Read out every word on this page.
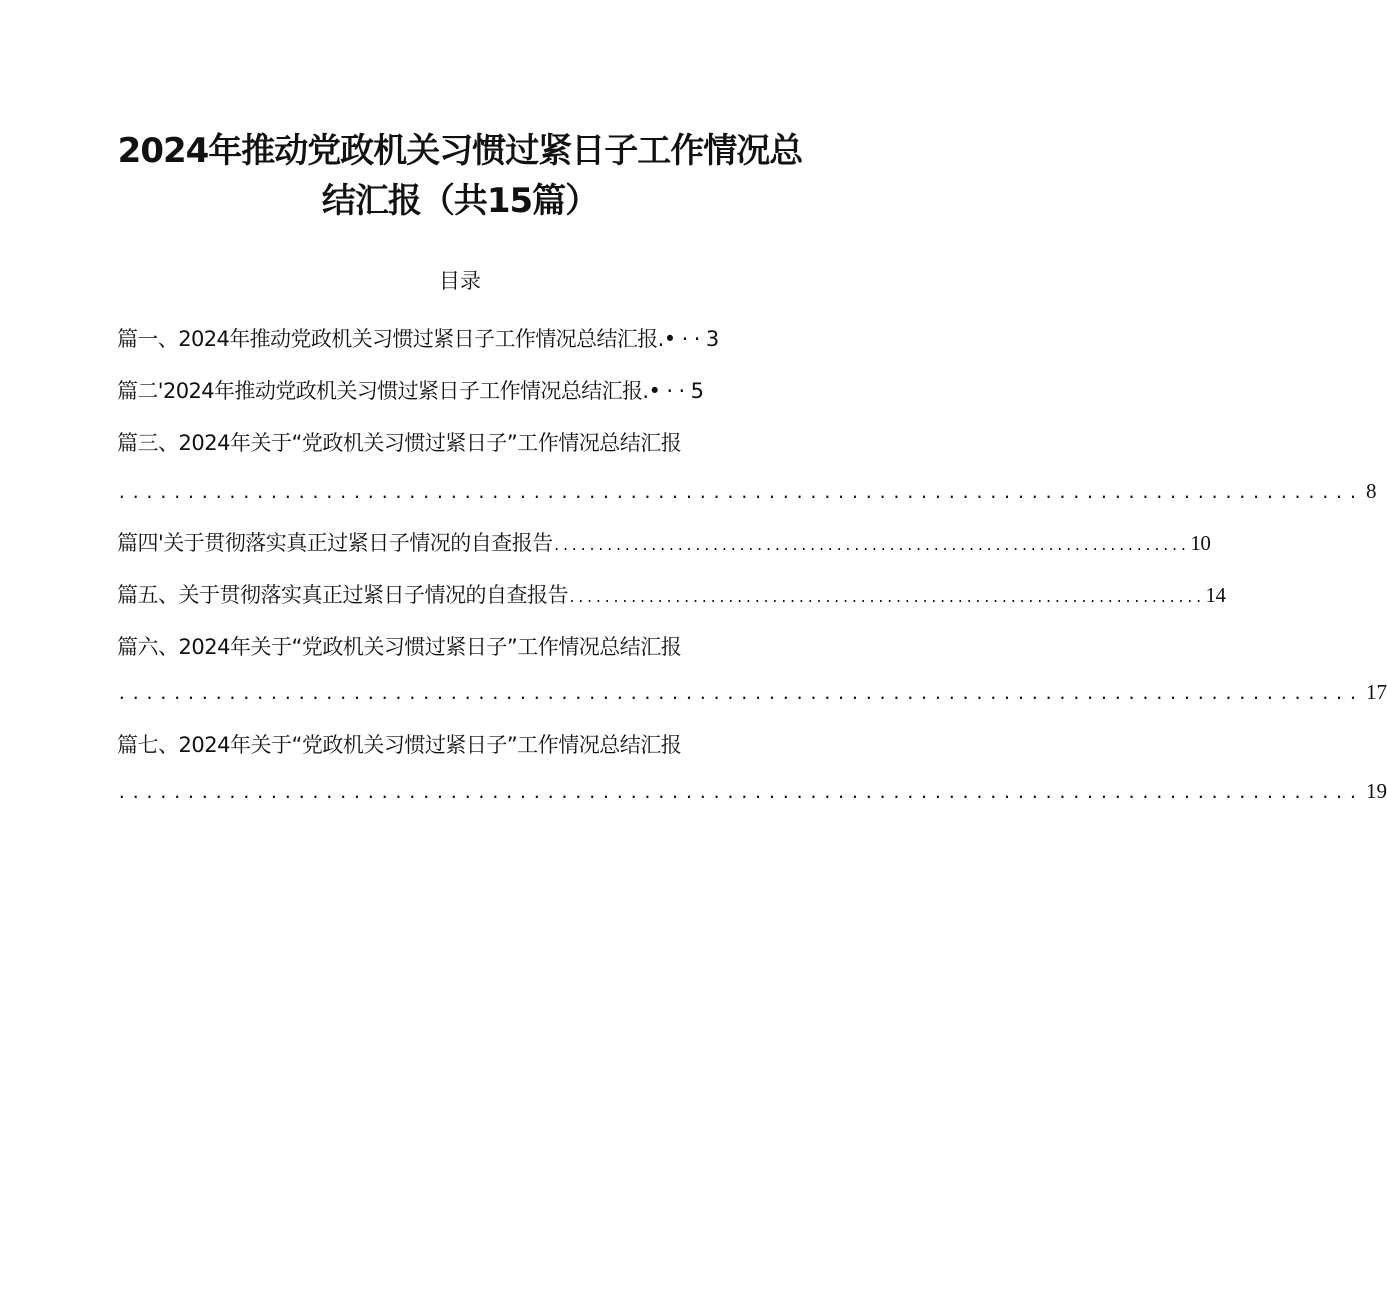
2024年推动党政机关习惯过紧日子工作情况总
结汇报（共15篇）
目录
篇一、2024年推动党政机关习惯过紧日子工作情况总结汇报.• · · 3
篇二'2024年推动党政机关习惯过紧日子工作情况总结汇报.• · · 5
篇三、2024年关于“党政机关习惯过紧日子”工作情况总结汇报
.......................................................................................... 8
篇四'关于贯彻落实真正过紧日子情况的自查报告 ........................................................................ 10
篇五、关于贯彻落实真正过紧日子情况的自查报告 ........................................................................ 14
篇六、2024年关于“党政机关习惯过紧日子”工作情况总结汇报
.......................................................................................... 17
篇七、2024年关于“党政机关习惯过紧日子”工作情况总结汇报
.......................................................................................... 19
